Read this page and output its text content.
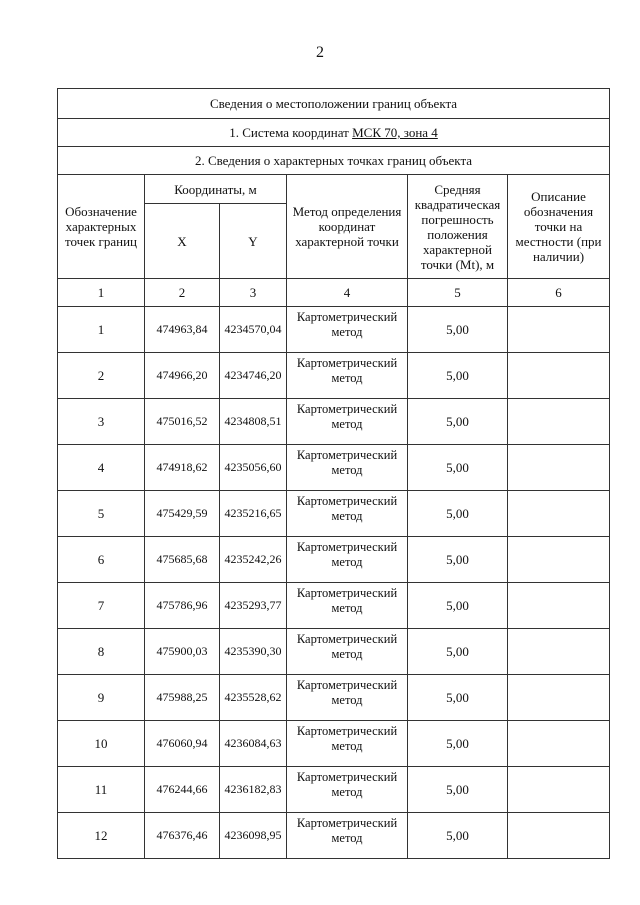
2
Сведения о местоположении границ объекта					
1. Система координат МСК 70, зона 4					
2. Сведения о характерных точках границ объекта					
Обозначение характерных точек границ	Координаты, м		Метод определения координат характерной точки	Средняя квадратическая погрешность положения характерной точки (Mt), м	Описание обозначения точки на местности (при наличии)
	X	Y			
1	2	3	4	5	6
1	474963,84	4234570,04	Картометрический метод	5,00	
2	474966,20	4234746,20	Картометрический метод	5,00	
3	475016,52	4234808,51	Картометрический метод	5,00	
4	474918,62	4235056,60	Картометрический метод	5,00	
5	475429,59	4235216,65	Картометрический метод	5,00	
6	475685,68	4235242,26	Картометрический метод	5,00	
7	475786,96	4235293,77	Картометрический метод	5,00	
8	475900,03	4235390,30	Картометрический метод	5,00	
9	475988,25	4235528,62	Картометрический метод	5,00	
10	476060,94	4236084,63	Картометрический метод	5,00	
11	476244,66	4236182,83	Картометрический метод	5,00	
12	476376,46	4236098,95	Картометрический метод	5,00	
